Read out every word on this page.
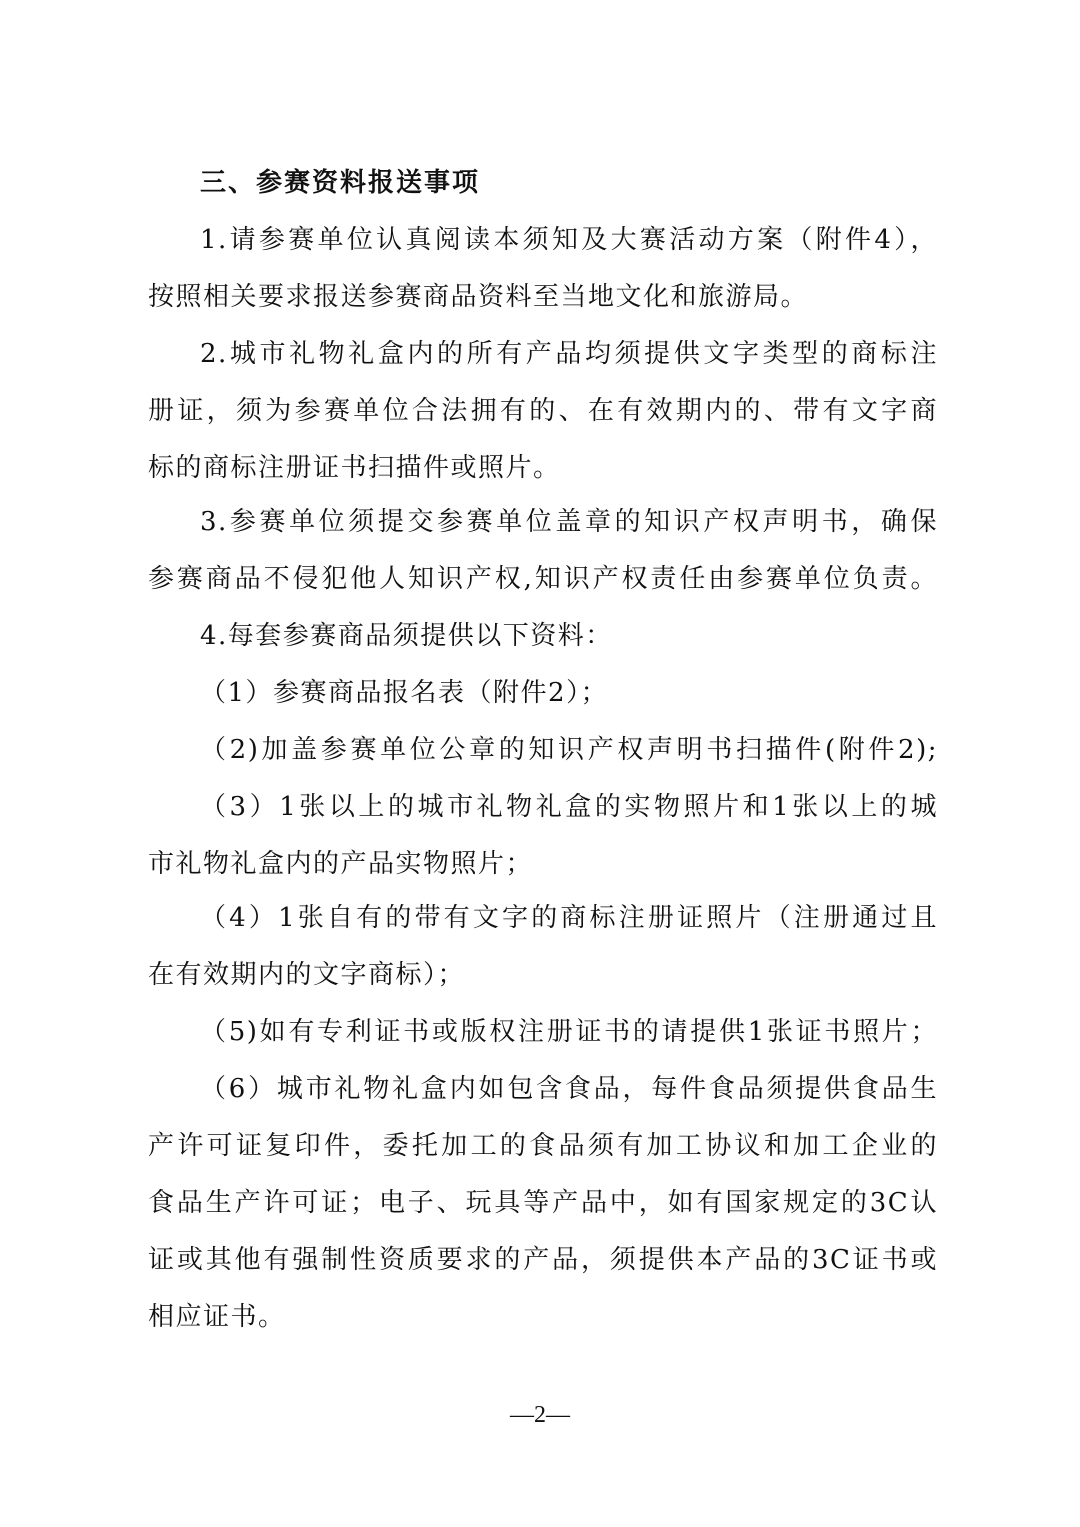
三、参赛资料报送事项
1.请参赛单位认真阅读本须知及大赛活动方案（附件4），
按照相关要求报送参赛商品资料至当地文化和旅游局。
2.城市礼物礼盒内的所有产品均须提供文字类型的商标注
册证，须为参赛单位合法拥有的、在有效期内的、带有文字商
标的商标注册证书扫描件或照片。
3.参赛单位须提交参赛单位盖章的知识产权声明书，确保
参赛商品不侵犯他人知识产权,知识产权责任由参赛单位负责。
4.每套参赛商品须提供以下资料：
（1）参赛商品报名表（附件2）；
（2)加盖参赛单位公章的知识产权声明书扫描件(附件2);
（3）1张以上的城市礼物礼盒的实物照片和1张以上的城
市礼物礼盒内的产品实物照片；
（4）1张自有的带有文字的商标注册证照片（注册通过且
在有效期内的文字商标）；
（5)如有专利证书或版权注册证书的请提供1张证书照片；
（6）城市礼物礼盒内如包含食品，每件食品须提供食品生
产许可证复印件，委托加工的食品须有加工协议和加工企业的
食品生产许可证；电子、玩具等产品中，如有国家规定的3C认
证或其他有强制性资质要求的产品，须提供本产品的3C证书或
相应证书。
—2—
